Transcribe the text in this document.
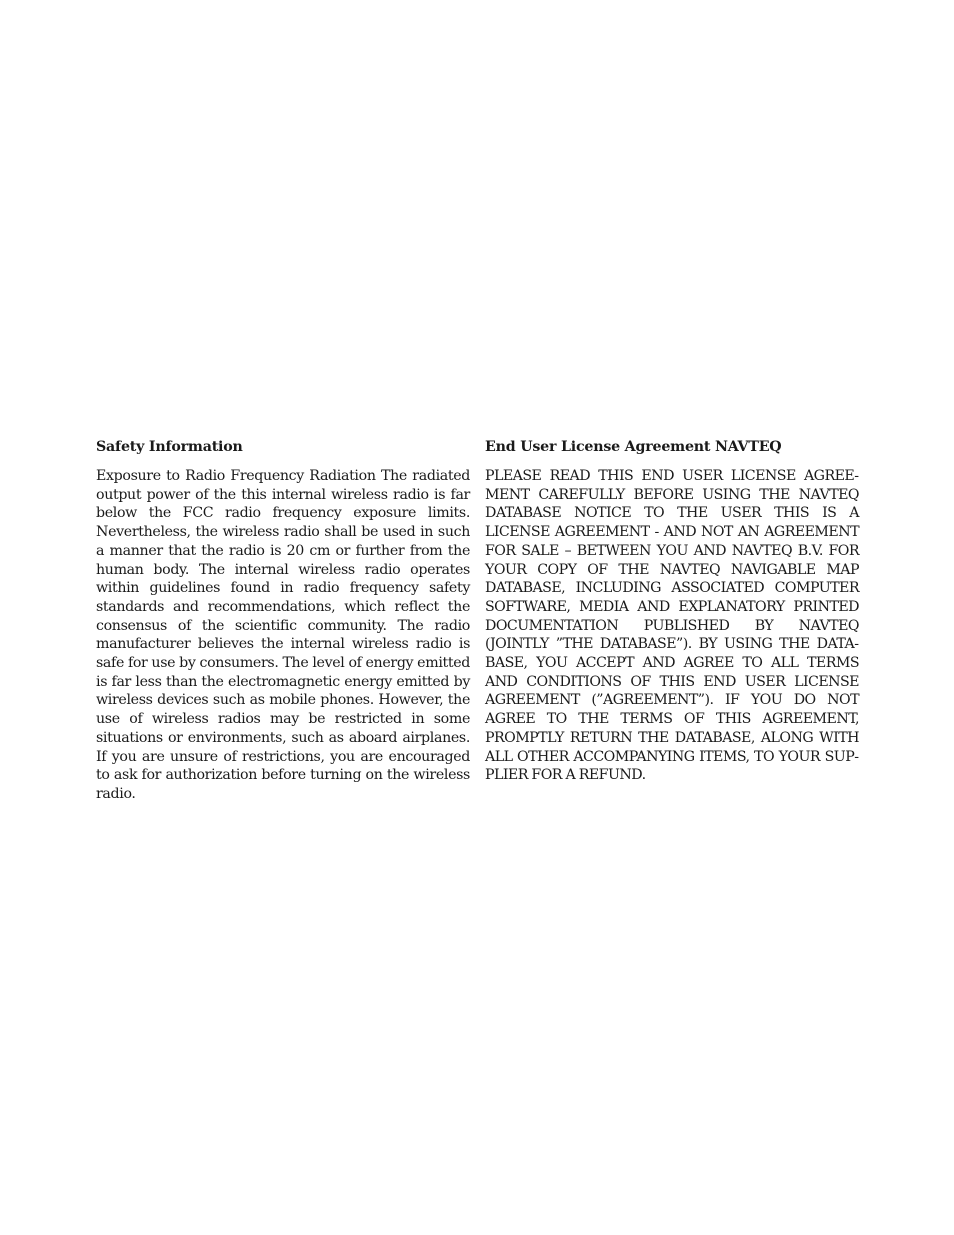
Safety Information

Exposure to Radio Frequency Radiation The radiated output power of the this internal wireless radio is far below the FCC radio frequency exposure limits. Nevertheless, the wireless radio shall be used in such a manner that the radio is 20 cm or further from the human body. The internal wireless radio operates within guidelines found in radio frequency safety standards and recommendations, which reflect the consensus of the scientific community. The radio manufacturer believes the internal wireless radio is safe for use by consumers. The level of energy emitted is far less than the electromagnetic energy emitted by wireless devices such as mobile phones. However, the use of wireless radios may be restricted in some situations or environments, such as aboard airplanes. If you are unsure of restrictions, you are encouraged to ask for authorization before turning on the wireless radio.

End User License Agreement NAVTEQ

PLEASE READ THIS END USER LICENSE AGREEMENT CAREFULLY BEFORE USING THE NAVTEQ DATABASE NOTICE TO THE USER THIS IS A LICENSE AGREEMENT - AND NOT AN AGREEMENT FOR SALE – BETWEEN YOU AND NAVTEQ B.V. FOR YOUR COPY OF THE NAVTEQ NAVIGABLE MAP DATABASE, INCLUDING ASSOCIATED COMPUTER SOFTWARE, MEDIA AND EXPLANATORY PRINTED DOCUMENTATION PUBLISHED BY NAVTEQ (JOINTLY ”THE DATABASE”). BY USING THE DATABASE, YOU ACCEPT AND AGREE TO ALL TERMS AND CONDITIONS OF THIS END USER LICENSE AGREEMENT (”AGREEMENT”). IF YOU DO NOT AGREE TO THE TERMS OF THIS AGREEMENT, PROMPTLY RETURN THE DATABASE, ALONG WITH ALL OTHER ACCOMPANYING ITEMS, TO YOUR SUPPLIER FOR A REFUND.
